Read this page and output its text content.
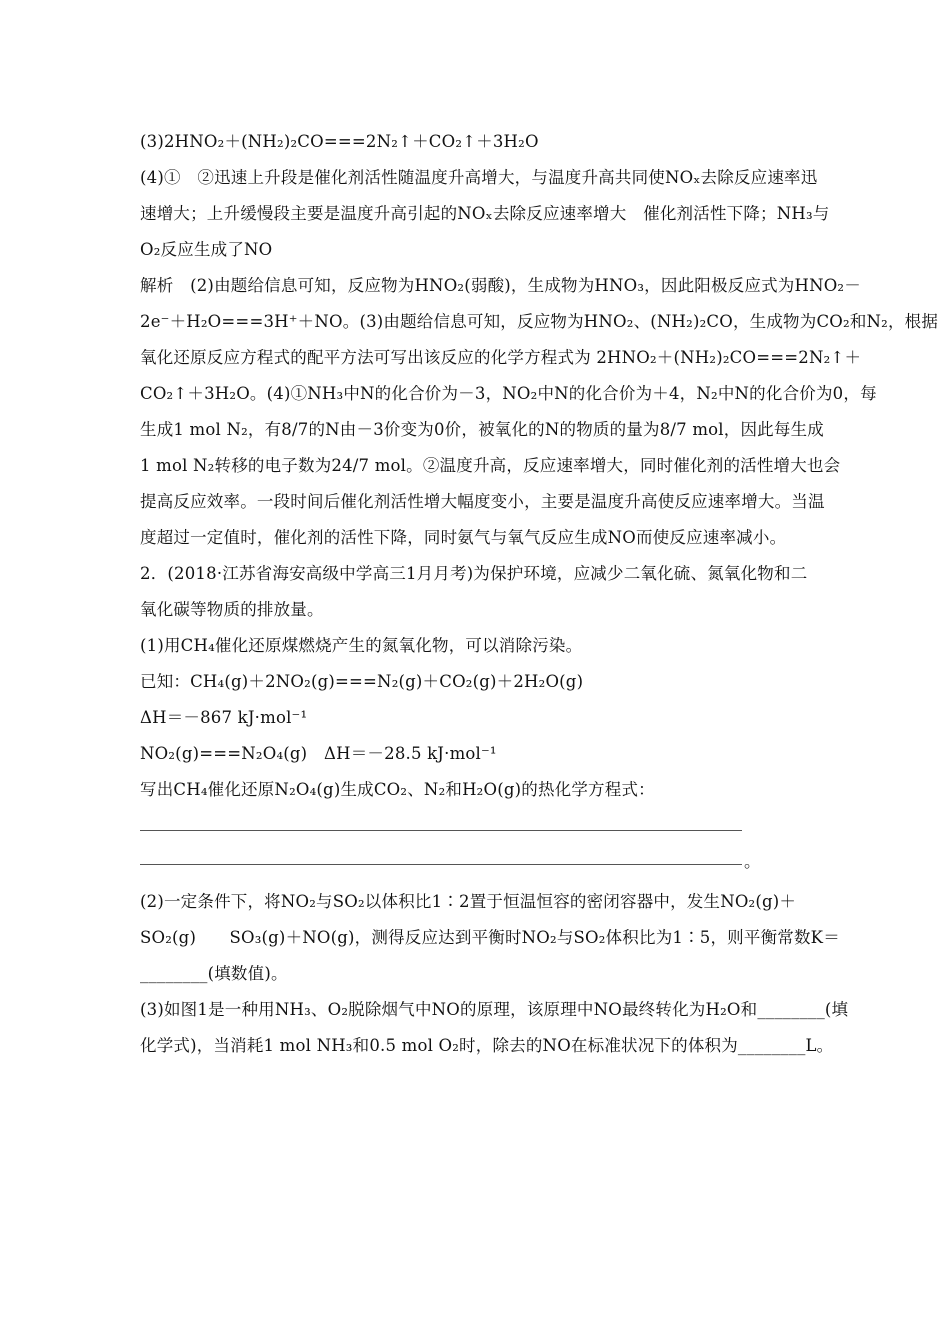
(3)2HNO₂＋(NH₂)₂CO===2N₂↑＋CO₂↑＋3H₂O
(4)①　②迅速上升段是催化剂活性随温度升高增大，与温度升高共同使NOₓ去除反应速率迅
速增大；上升缓慢段主要是温度升高引起的NOₓ去除反应速率增大　催化剂活性下降；NH₃与
O₂反应生成了NO
解析　(2)由题给信息可知，反应物为HNO₂(弱酸)，生成物为HNO₃，因此阳极反应式为HNO₂－
2e⁻＋H₂O===3H⁺＋NO。(3)由题给信息可知，反应物为HNO₂、(NH₂)₂CO，生成物为CO₂和N₂，根据
氧化还原反应方程式的配平方法可写出该反应的化学方程式为 2HNO₂＋(NH₂)₂CO===2N₂↑＋
CO₂↑＋3H₂O。(4)①NH₃中N的化合价为－3，NO₂中N的化合价为＋4，N₂中N的化合价为0，每
生成1 mol N₂，有8/7的N由－3价变为0价，被氧化的N的物质的量为8/7 mol，因此每生成
1 mol N₂转移的电子数为24/7 mol。②温度升高，反应速率增大，同时催化剂的活性增大也会
提高反应效率。一段时间后催化剂活性增大幅度变小，主要是温度升高使反应速率增大。当温
度超过一定值时，催化剂的活性下降，同时氨气与氧气反应生成NO而使反应速率减小。
2．(2018·江苏省海安高级中学高三1月月考)为保护环境，应减少二氧化硫、氮氧化物和二
氧化碳等物质的排放量。
(1)用CH₄催化还原煤燃烧产生的氮氧化物，可以消除污染。
已知：CH₄(g)＋2NO₂(g)===N₂(g)＋CO₂(g)＋2H₂O(g)
ΔH＝－867 kJ·mol⁻¹
NO₂(g)===N₂O₄(g)　ΔH＝－28.5 kJ·mol⁻¹
写出CH₄催化还原N₂O₄(g)生成CO₂、N₂和H₂O(g)的热化学方程式：
。
(2)一定条件下，将NO₂与SO₂以体积比1∶2置于恒温恒容的密闭容器中，发生NO₂(g)＋
SO₂(g)　　SO₃(g)＋NO(g)，测得反应达到平衡时NO₂与SO₂体积比为1∶5，则平衡常数K＝
________(填数值)。
(3)如图1是一种用NH₃、O₂脱除烟气中NO的原理，该原理中NO最终转化为H₂O和________(填
化学式)，当消耗1 mol NH₃和0.5 mol O₂时，除去的NO在标准状况下的体积为________L。
